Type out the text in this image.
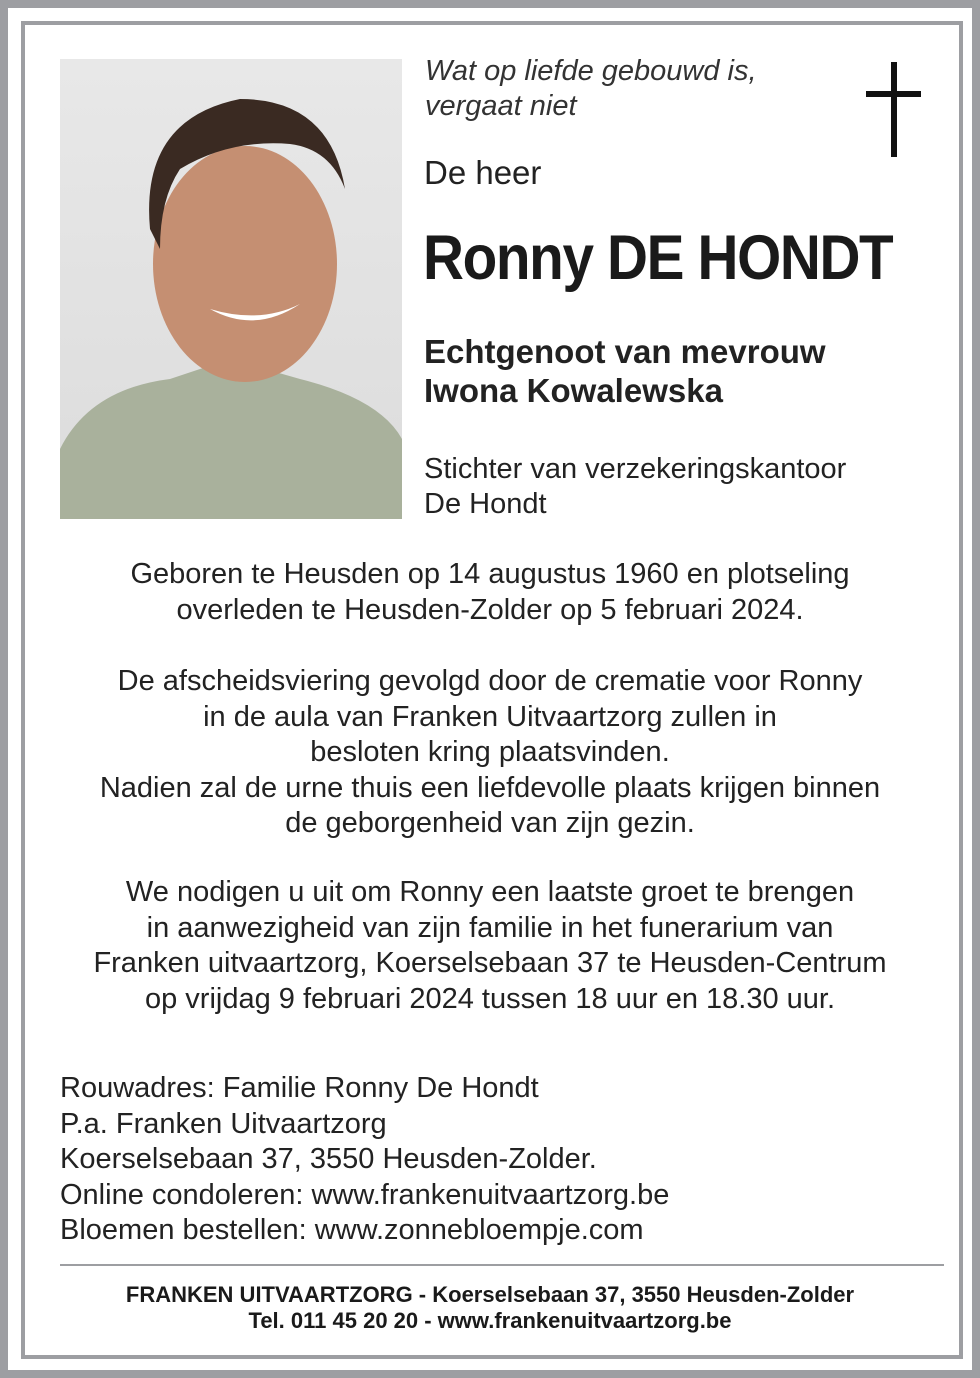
Wat op liefde gebouwd is,
vergaat niet
De heer
Ronny DE HONDT
Echtgenoot van mevrouw
Iwona Kowalewska
Stichter van verzekeringskantoor
De Hondt
Geboren te Heusden op 14 augustus 1960 en plotseling
overleden te Heusden-Zolder op 5 februari 2024.
De afscheidsviering gevolgd door de crematie voor Ronny
in de aula van Franken Uitvaartzorg zullen in
besloten kring plaatsvinden.
Nadien zal de urne thuis een liefdevolle plaats krijgen binnen
de geborgenheid van zijn gezin.
We nodigen u uit om Ronny een laatste groet te brengen
in aanwezigheid van zijn familie in het funerarium van
Franken uitvaartzorg, Koerselsebaan 37 te Heusden-Centrum
op vrijdag 9 februari 2024 tussen 18 uur en 18.30 uur.
Rouwadres: Familie Ronny De Hondt
P.a. Franken Uitvaartzorg
Koerselsebaan 37, 3550 Heusden-Zolder.
Online condoleren: www.frankenuitvaartzorg.be
Bloemen bestellen: www.zonnebloempje.com
FRANKEN UITVAARTZORG - Koerselsebaan 37, 3550 Heusden-Zolder
Tel. 011 45 20 20 - www.frankenuitvaartzorg.be
